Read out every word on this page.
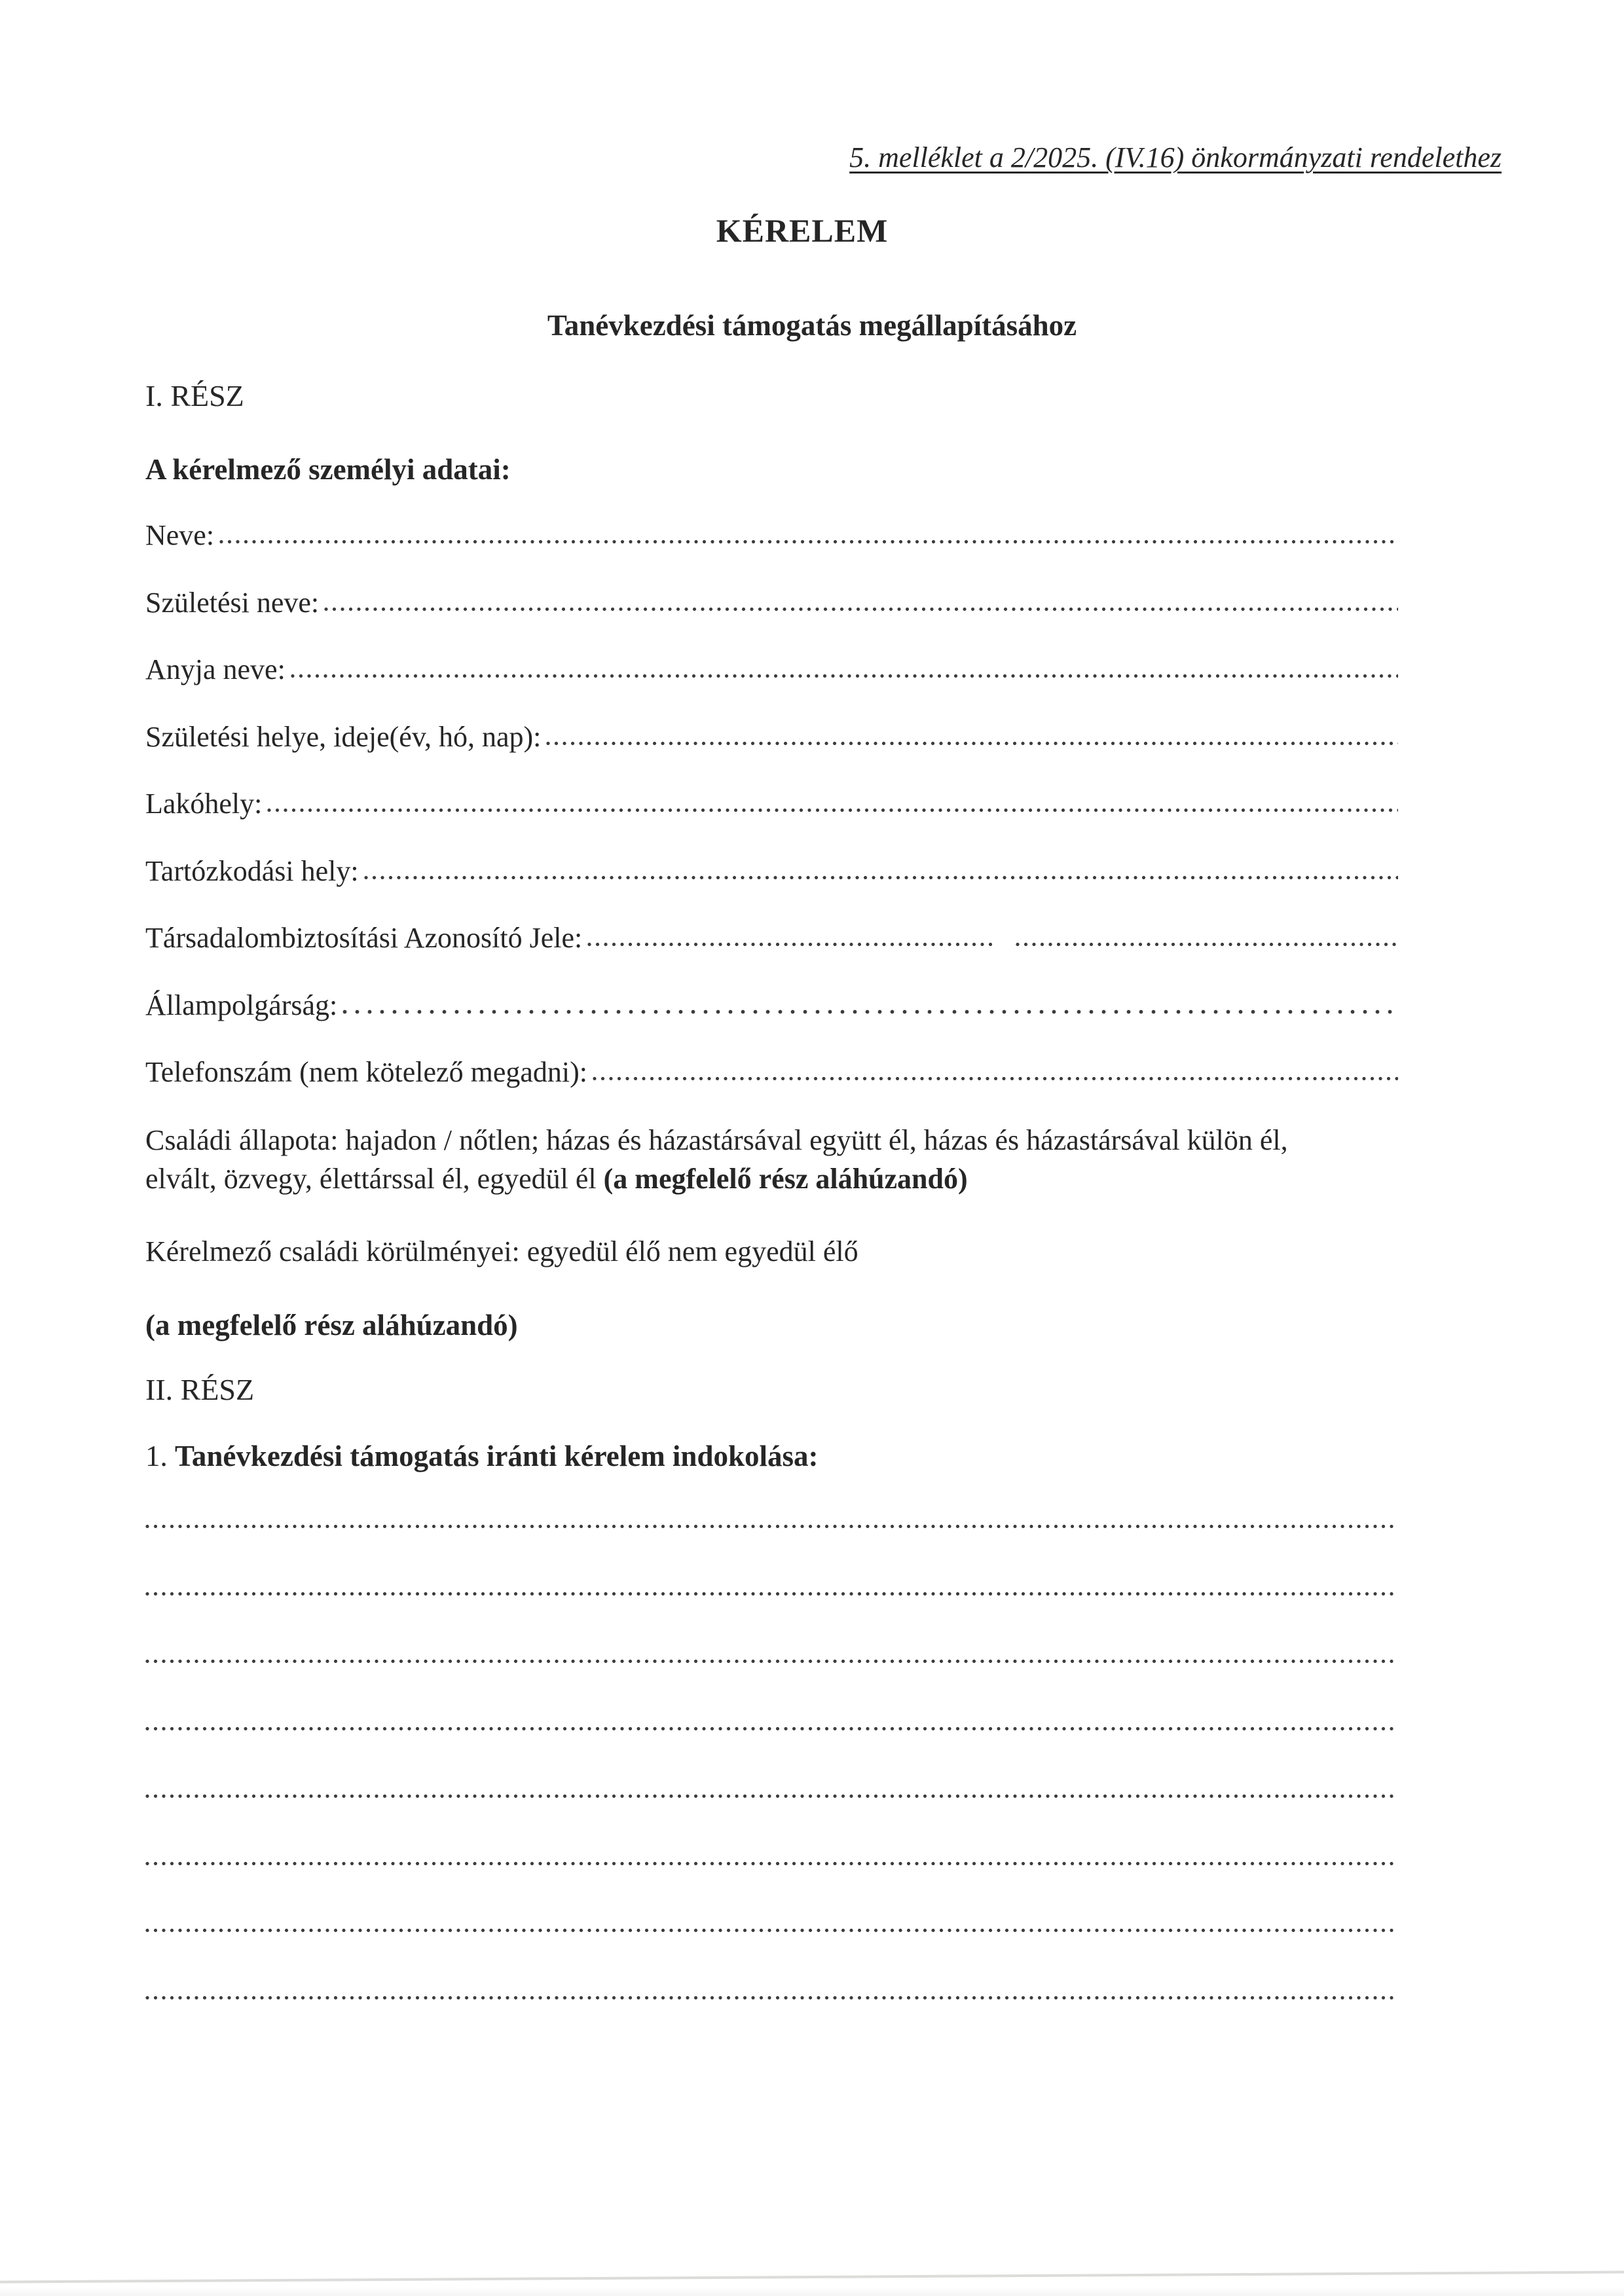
5. melléklet a 2/2025. (IV.16) önkormányzati rendelethez
KÉRELEM
Tanévkezdési támogatás megállapításához
I. RÉSZ
A kérelmező személyi adatai:
Neve:
Születési neve:
Anyja neve:
Születési helye, ideje(év, hó, nap):
Lakóhely:
Tartózkodási hely:
Társadalombiztosítási Azonosító Jele:
Állampolgárság:
Telefonszám (nem kötelező megadni):
Családi állapota: hajadon / nőtlen; házas és házastársával együtt él, házas és házastársával külön él,
elvált, özvegy, élettárssal él, egyedül él (a megfelelő rész aláhúzandó)
Kérelmező családi körülményei: egyedül élő nem egyedül élő
(a megfelelő rész aláhúzandó)
II. RÉSZ
1. Tanévkezdési támogatás iránti kérelem indokolása:
